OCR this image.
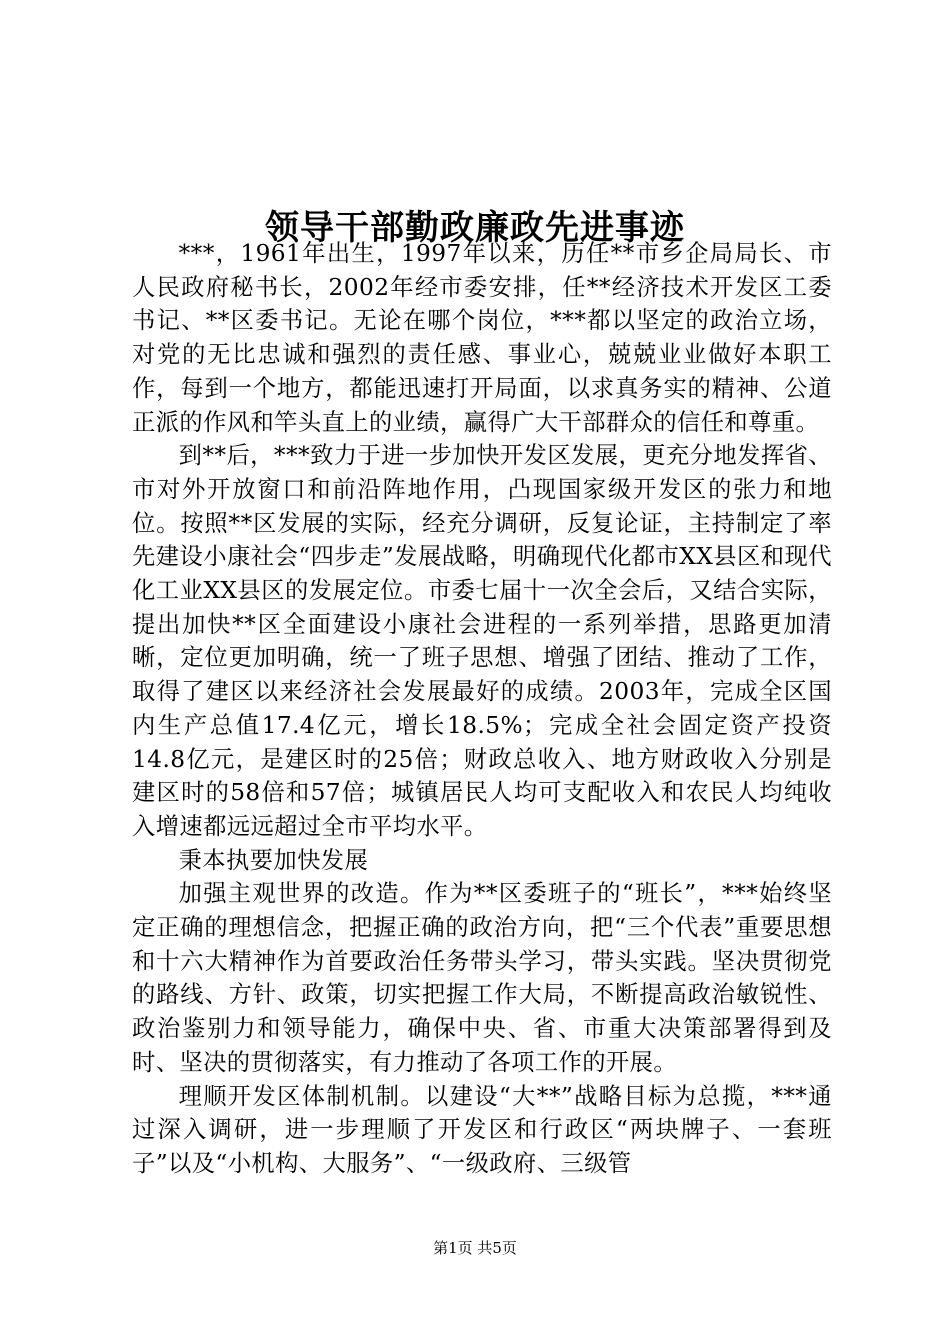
领导干部勤政廉政先进事迹

***，1961年出生，1997年以来，历任**市乡企局局长、市人民政府秘书长，2002年经市委安排，任**经济技术开发区工委书记、**区委书记。无论在哪个岗位，***都以坚定的政治立场，对党的无比忠诚和强烈的责任感、事业心，兢兢业业做好本职工作，每到一个地方，都能迅速打开局面，以求真务实的精神、公道正派的作风和竿头直上的业绩，赢得广大干部群众的信任和尊重。

到**后，***致力于进一步加快开发区发展，更充分地发挥省、市对外开放窗口和前沿阵地作用，凸现国家级开发区的张力和地位。按照**区发展的实际，经充分调研，反复论证，主持制定了率先建设小康社会“四步走”发展战略，明确现代化都市XX县区和现代化工业XX县区的发展定位。市委七届十一次全会后，又结合实际，提出加快**区全面建设小康社会进程的一系列举措，思路更加清晰，定位更加明确，统一了班子思想、增强了团结、推动了工作，取得了建区以来经济社会发展最好的成绩。2003年，完成全区国内生产总值17.4亿元，增长18.5%；完成全社会固定资产投资14.8亿元，是建区时的25倍；财政总收入、地方财政收入分别是建区时的58倍和57倍；城镇居民人均可支配收入和农民人均纯收入增速都远远超过全市平均水平。

秉本执要加快发展

加强主观世界的改造。作为**区委班子的“班长”，***始终坚定正确的理想信念，把握正确的政治方向，把“三个代表”重要思想和十六大精神作为首要政治任务带头学习，带头实践。坚决贯彻党的路线、方针、政策，切实把握工作大局，不断提高政治敏锐性、政治鉴别力和领导能力，确保中央、省、市重大决策部署得到及时、坚决的贯彻落实，有力推动了各项工作的开展。

理顺开发区体制机制。以建设“大**”战略目标为总揽，***通过深入调研，进一步理顺了开发区和行政区“两块牌子、一套班子”以及“小机构、大服务”、“一级政府、三级管

第1页 共5页
